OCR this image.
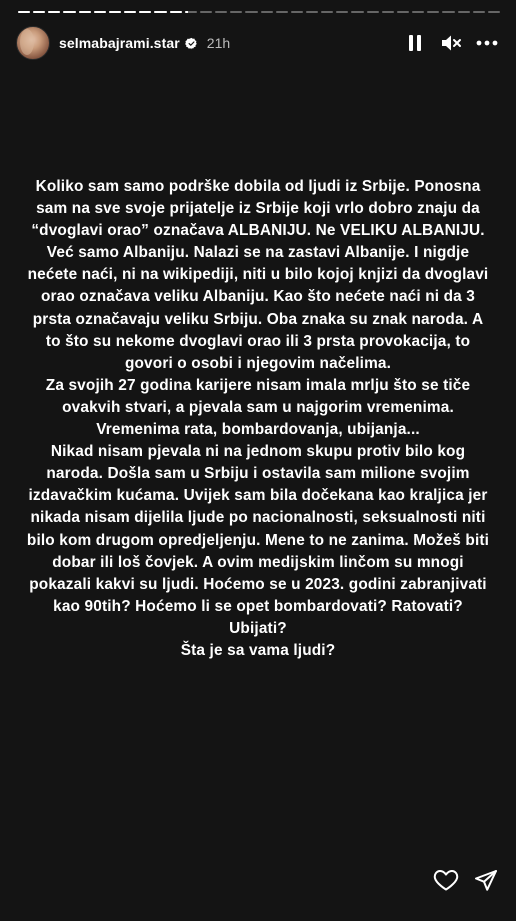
selmabajrami.star 21h

Koliko sam samo podrške dobila od ljudi iz Srbije. Ponosna sam na sve svoje prijatelje iz Srbije koji vrlo dobro znaju da “dvoglavi orao” označava ALBANIJU. Ne VELIKU ALBANIJU. Već samo Albaniju. Nalazi se na zastavi Albanije. I nigdje nećete naći, ni na wikipediji, niti u bilo kojoj knjizi da dvoglavi orao označava veliku Albaniju. Kao što nećete naći ni da 3 prsta označavaju veliku Srbiju. Oba znaka su znak naroda. A to što su nekome dvoglavi orao ili 3 prsta provokacija, to govori o osobi i njegovim načelima.

Za svojih 27 godina karijere nisam imala mrlju što se tiče ovakvih stvari, a pjevala sam u najgorim vremenima. Vremenima rata, bombardovanja, ubijanja...

Nikad nisam pjevala ni na jednom skupu protiv bilo kog naroda. Došla sam u Srbiju i ostavila sam milione svojim izdavačkim kućama. Uvijek sam bila dočekana kao kraljica jer nikada nisam dijelila ljude po nacionalnosti, seksualnosti niti bilo kom drugom opredjeljenju. Mene to ne zanima. Možeš biti dobar ili loš čovjek. A ovim medijskim linčom su mnogi pokazali kakvi su ljudi. Hoćemo se u 2023. godini zabranjivati kao 90tih? Hoćemo li se opet bombardovati? Ratovati? Ubijati?

Šta je sa vama ljudi?
